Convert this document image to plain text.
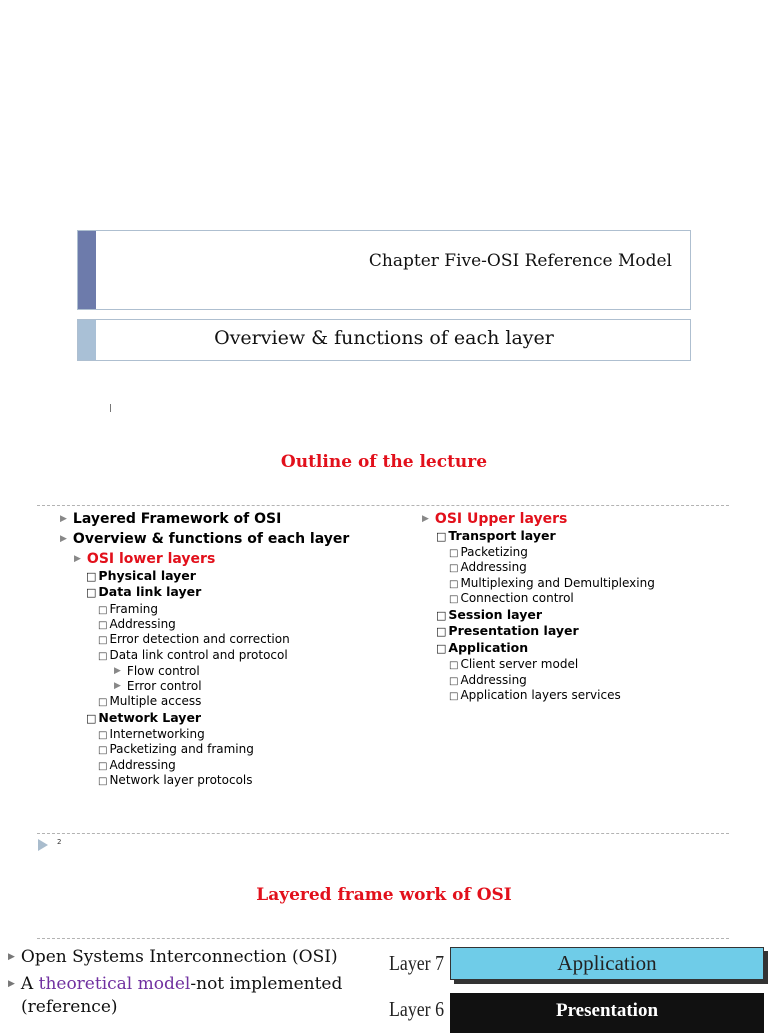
Chapter Five-OSI Reference Model
Overview & functions of each layer
Outline of the lecture
▶ Layered Framework of OSI
▶ Overview & functions of each layer
▶ OSI lower layers
□ Physical layer
□ Data link layer
□ Framing
□ Addressing
□ Error detection and correction
□ Data link control and protocol
▶ Flow control
▶ Error control
□ Multiple access
□ Network Layer
□ Internetworking
□ Packetizing and framing
□ Addressing
□ Network layer protocols
▶ OSI Upper layers
□ Transport layer
□ Packetizing
□ Addressing
□ Multiplexing and Demultiplexing
□ Connection control
□ Session layer
□ Presentation layer
□ Application
□ Client server model
□ Addressing
□ Application layers services
2
Layered frame work of OSI
▶ Open Systems Interconnection (OSI)
▶ A theoretical model-not implemented
(reference)
Layer 7	Application
Layer 6	Presentation
